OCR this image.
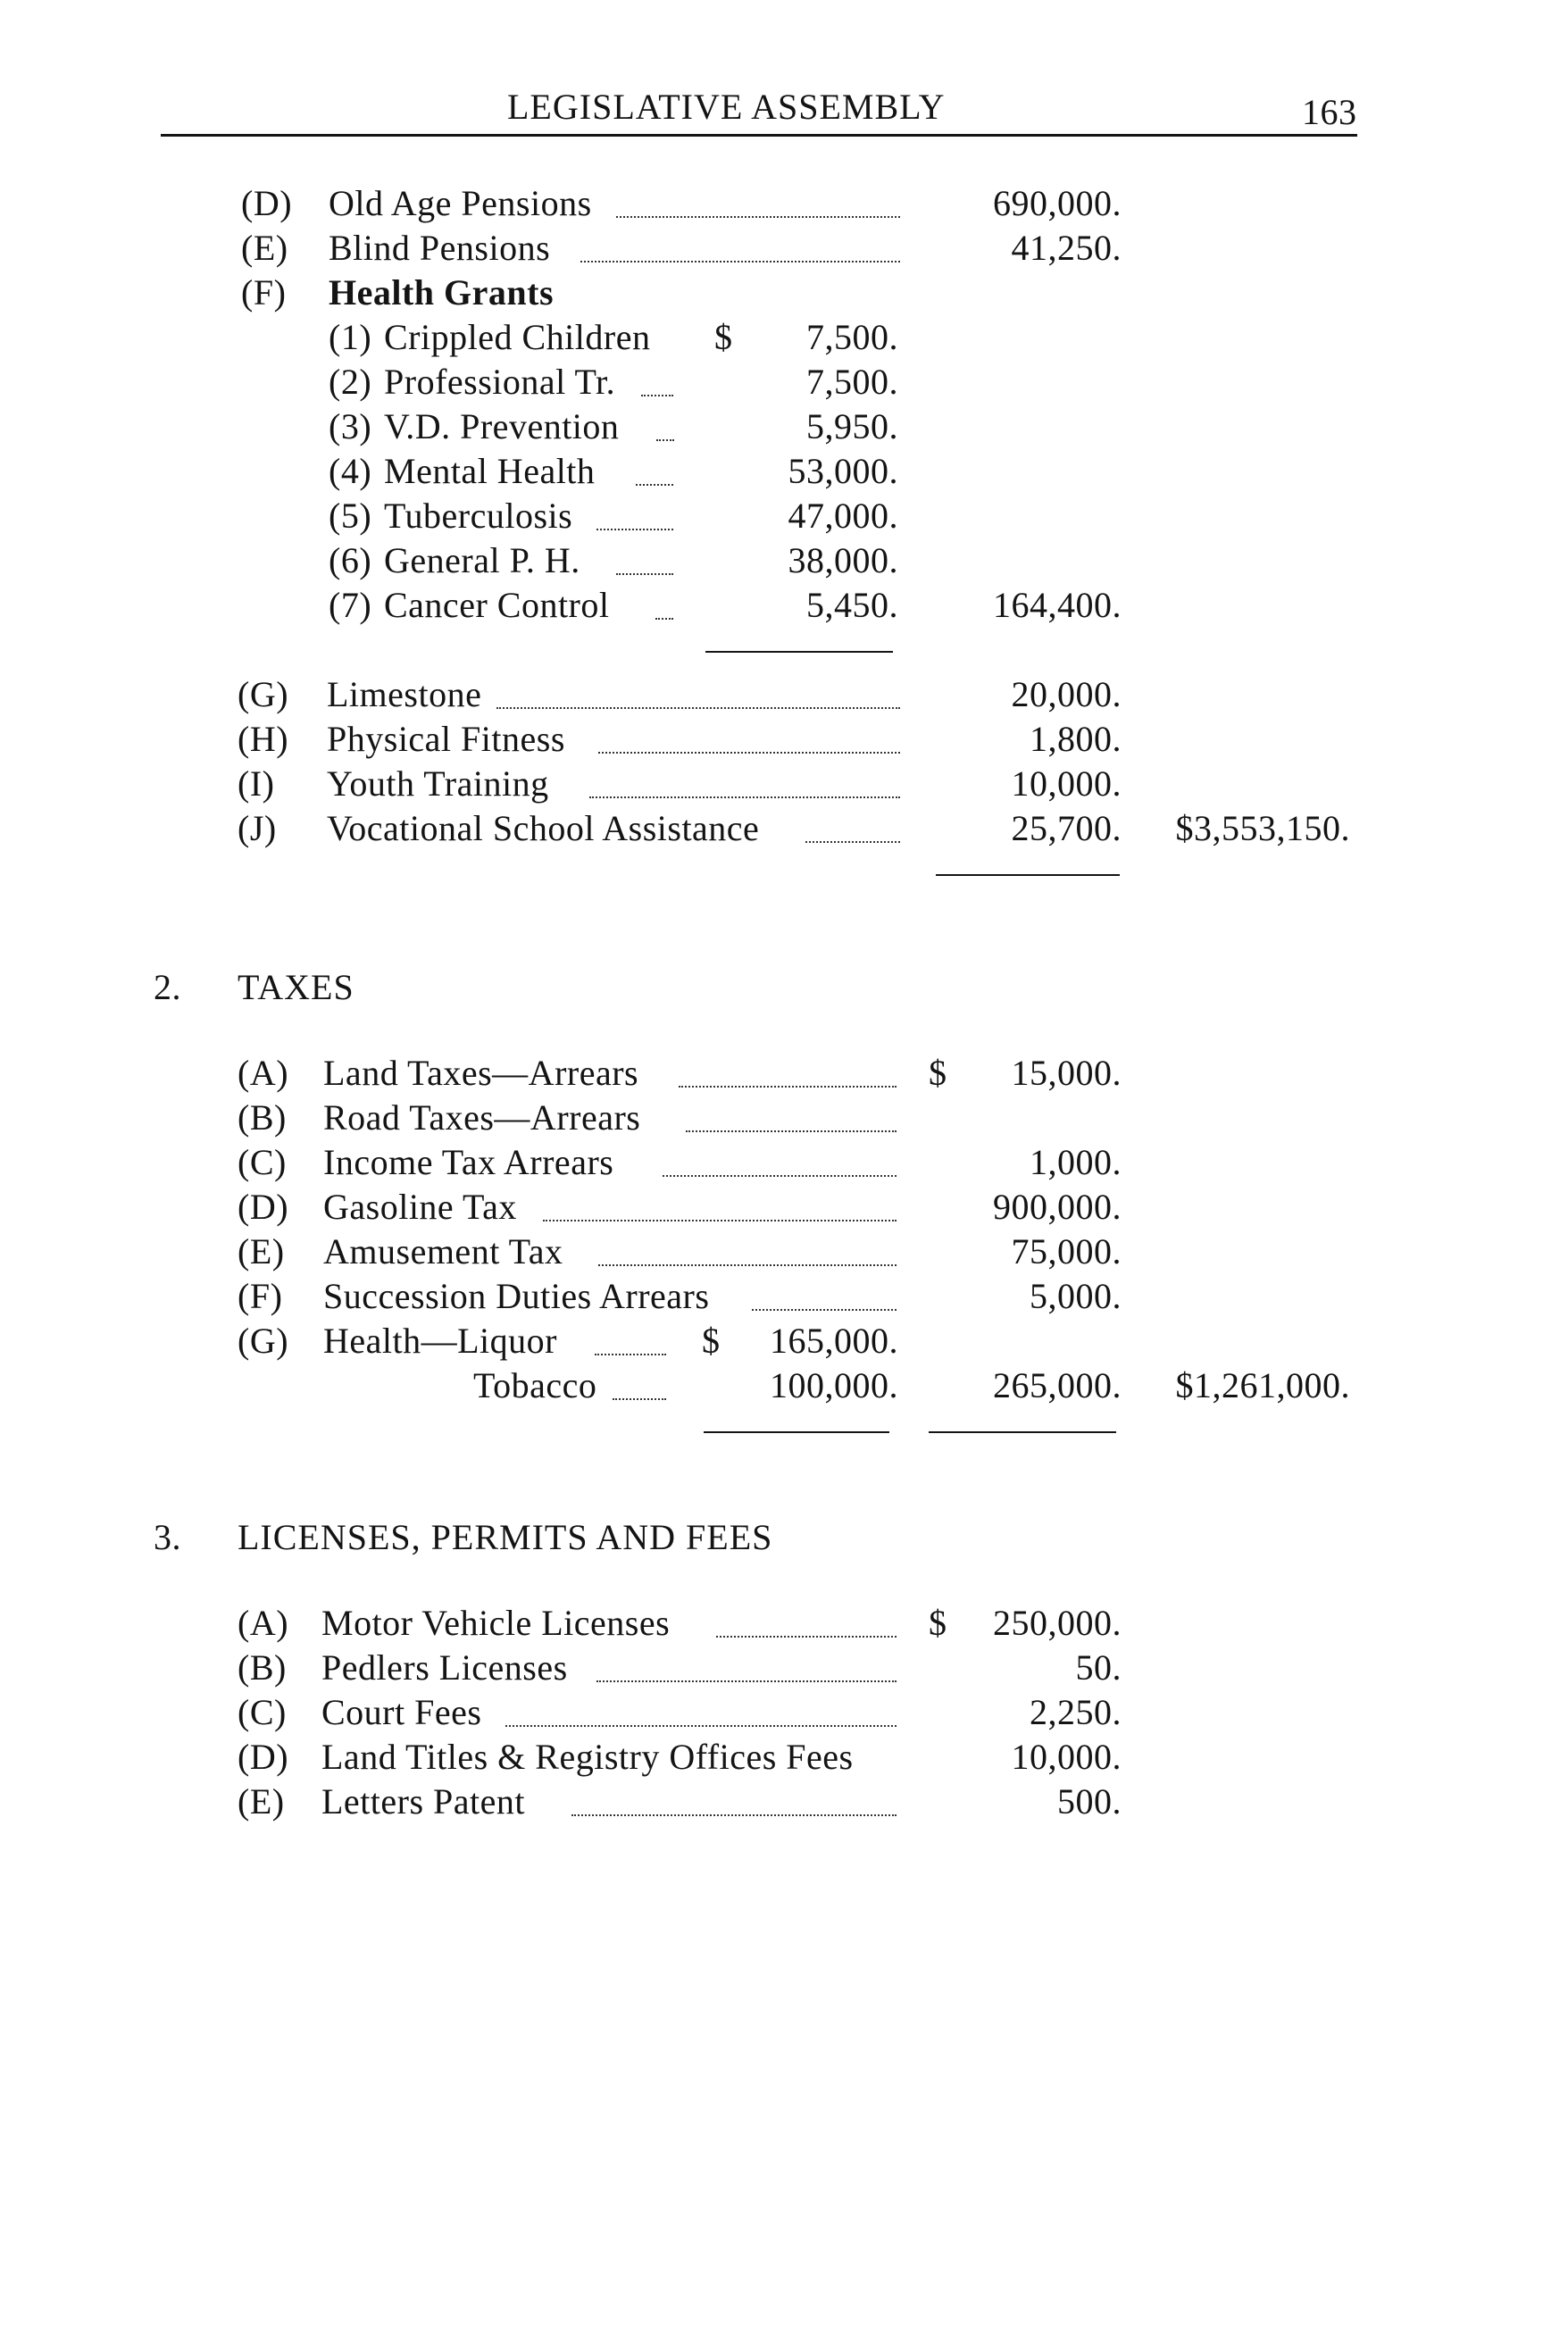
LEGISLATIVE ASSEMBLY	163
(D) Old Age Pensions	690,000.
(E) Blind Pensions	41,250.
(F) Health Grants
(1) Crippled Children $	7,500.
(2) Professional Tr.	7,500.
(3) V.D. Prevention	5,950.
(4) Mental Health	53,000.
(5) Tuberculosis	47,000.
(6) General P. H.	38,000.
(7) Cancer Control	5,450.	164,400.
(G) Limestone	20,000.
(H) Physical Fitness	1,800.
(I) Youth Training	10,000.
(J) Vocational School Assistance	25,700.	$3,553,150.
2. TAXES
(A) Land Taxes—Arrears	$	15,000.
(B) Road Taxes—Arrears
(C) Income Tax Arrears	1,000.
(D) Gasoline Tax	900,000.
(E) Amusement Tax	75,000.
(F) Succession Duties Arrears	5,000.
(G) Health—Liquor	$	165,000.
Tobacco	100,000.	265,000.	$1,261,000.
3. LICENSES, PERMITS AND FEES
(A) Motor Vehicle Licenses	$	250,000.
(B) Pedlers Licenses	50.
(C) Court Fees	2,250.
(D) Land Titles & Registry Offices Fees	10,000.
(E) Letters Patent	500.
